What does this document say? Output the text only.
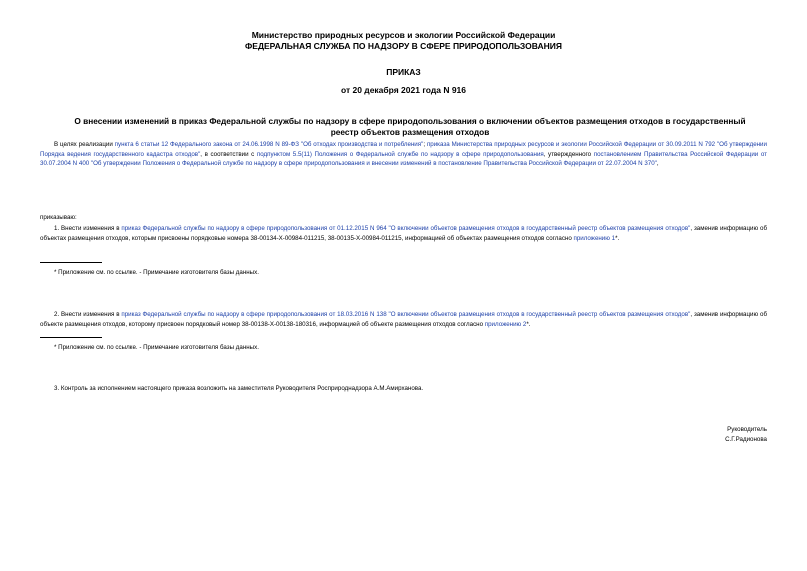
Министерство природных ресурсов и экологии Российской Федерации
ФЕДЕРАЛЬНАЯ СЛУЖБА ПО НАДЗОРУ В СФЕРЕ ПРИРОДОПОЛЬЗОВАНИЯ
ПРИКАЗ
от 20 декабря 2021 года N 916
О внесении изменений в приказ Федеральной службы по надзору в сфере природопользования о включении объектов размещения отходов в государственный реестр объектов размещения отходов
В целях реализации пункта 6 статьи 12 Федерального закона от 24.06.1998 N 89-ФЗ "Об отходах производства и потребления"; приказа Министерства природных ресурсов и экологии Российской Федерации от 30.09.2011 N 792 "Об утверждении Порядка ведения государственного кадастра отходов", в соответствии с подпунктом 5.5(11) Положения о Федеральной службе по надзору в сфере природопользования, утвержденного постановлением Правительства Российской Федерации от 30.07.2004 N 400 "Об утверждении Положения о Федеральной службе по надзору в сфере природопользования и внесении изменений в постановление Правительства Российской Федерации от 22.07.2004 N 370",
приказываю:
1. Внести изменения в приказ Федеральной службы по надзору в сфере природопользования от 01.12.2015 N 964 "О включении объектов размещения отходов в государственный реестр объектов размещения отходов", заменив информацию об объектах размещения отходов, которым присвоены порядковые номера 38-00134-Х-00984-011215, 38-00135-Х-00984-011215, информацией об объектах размещения отходов согласно приложению 1*.
* Приложение см. по ссылке. - Примечание изготовителя базы данных.
2. Внести изменения в приказ Федеральной службы по надзору в сфере природопользования от 18.03.2016 N 138 "О включении объектов размещения отходов в государственный реестр объектов размещения отходов", заменив информацию об объекте размещения отходов, которому присвоен порядковый номер 38-00138-Х-00138-180316, информацией об объекте размещения отходов согласно приложению 2*.
* Приложение см. по ссылке. - Примечание изготовителя базы данных.
3. Контроль за исполнением настоящего приказа возложить на заместителя Руководителя Росприроднадзора А.М.Амирханова.
Руководитель
С.Г.Радионова
